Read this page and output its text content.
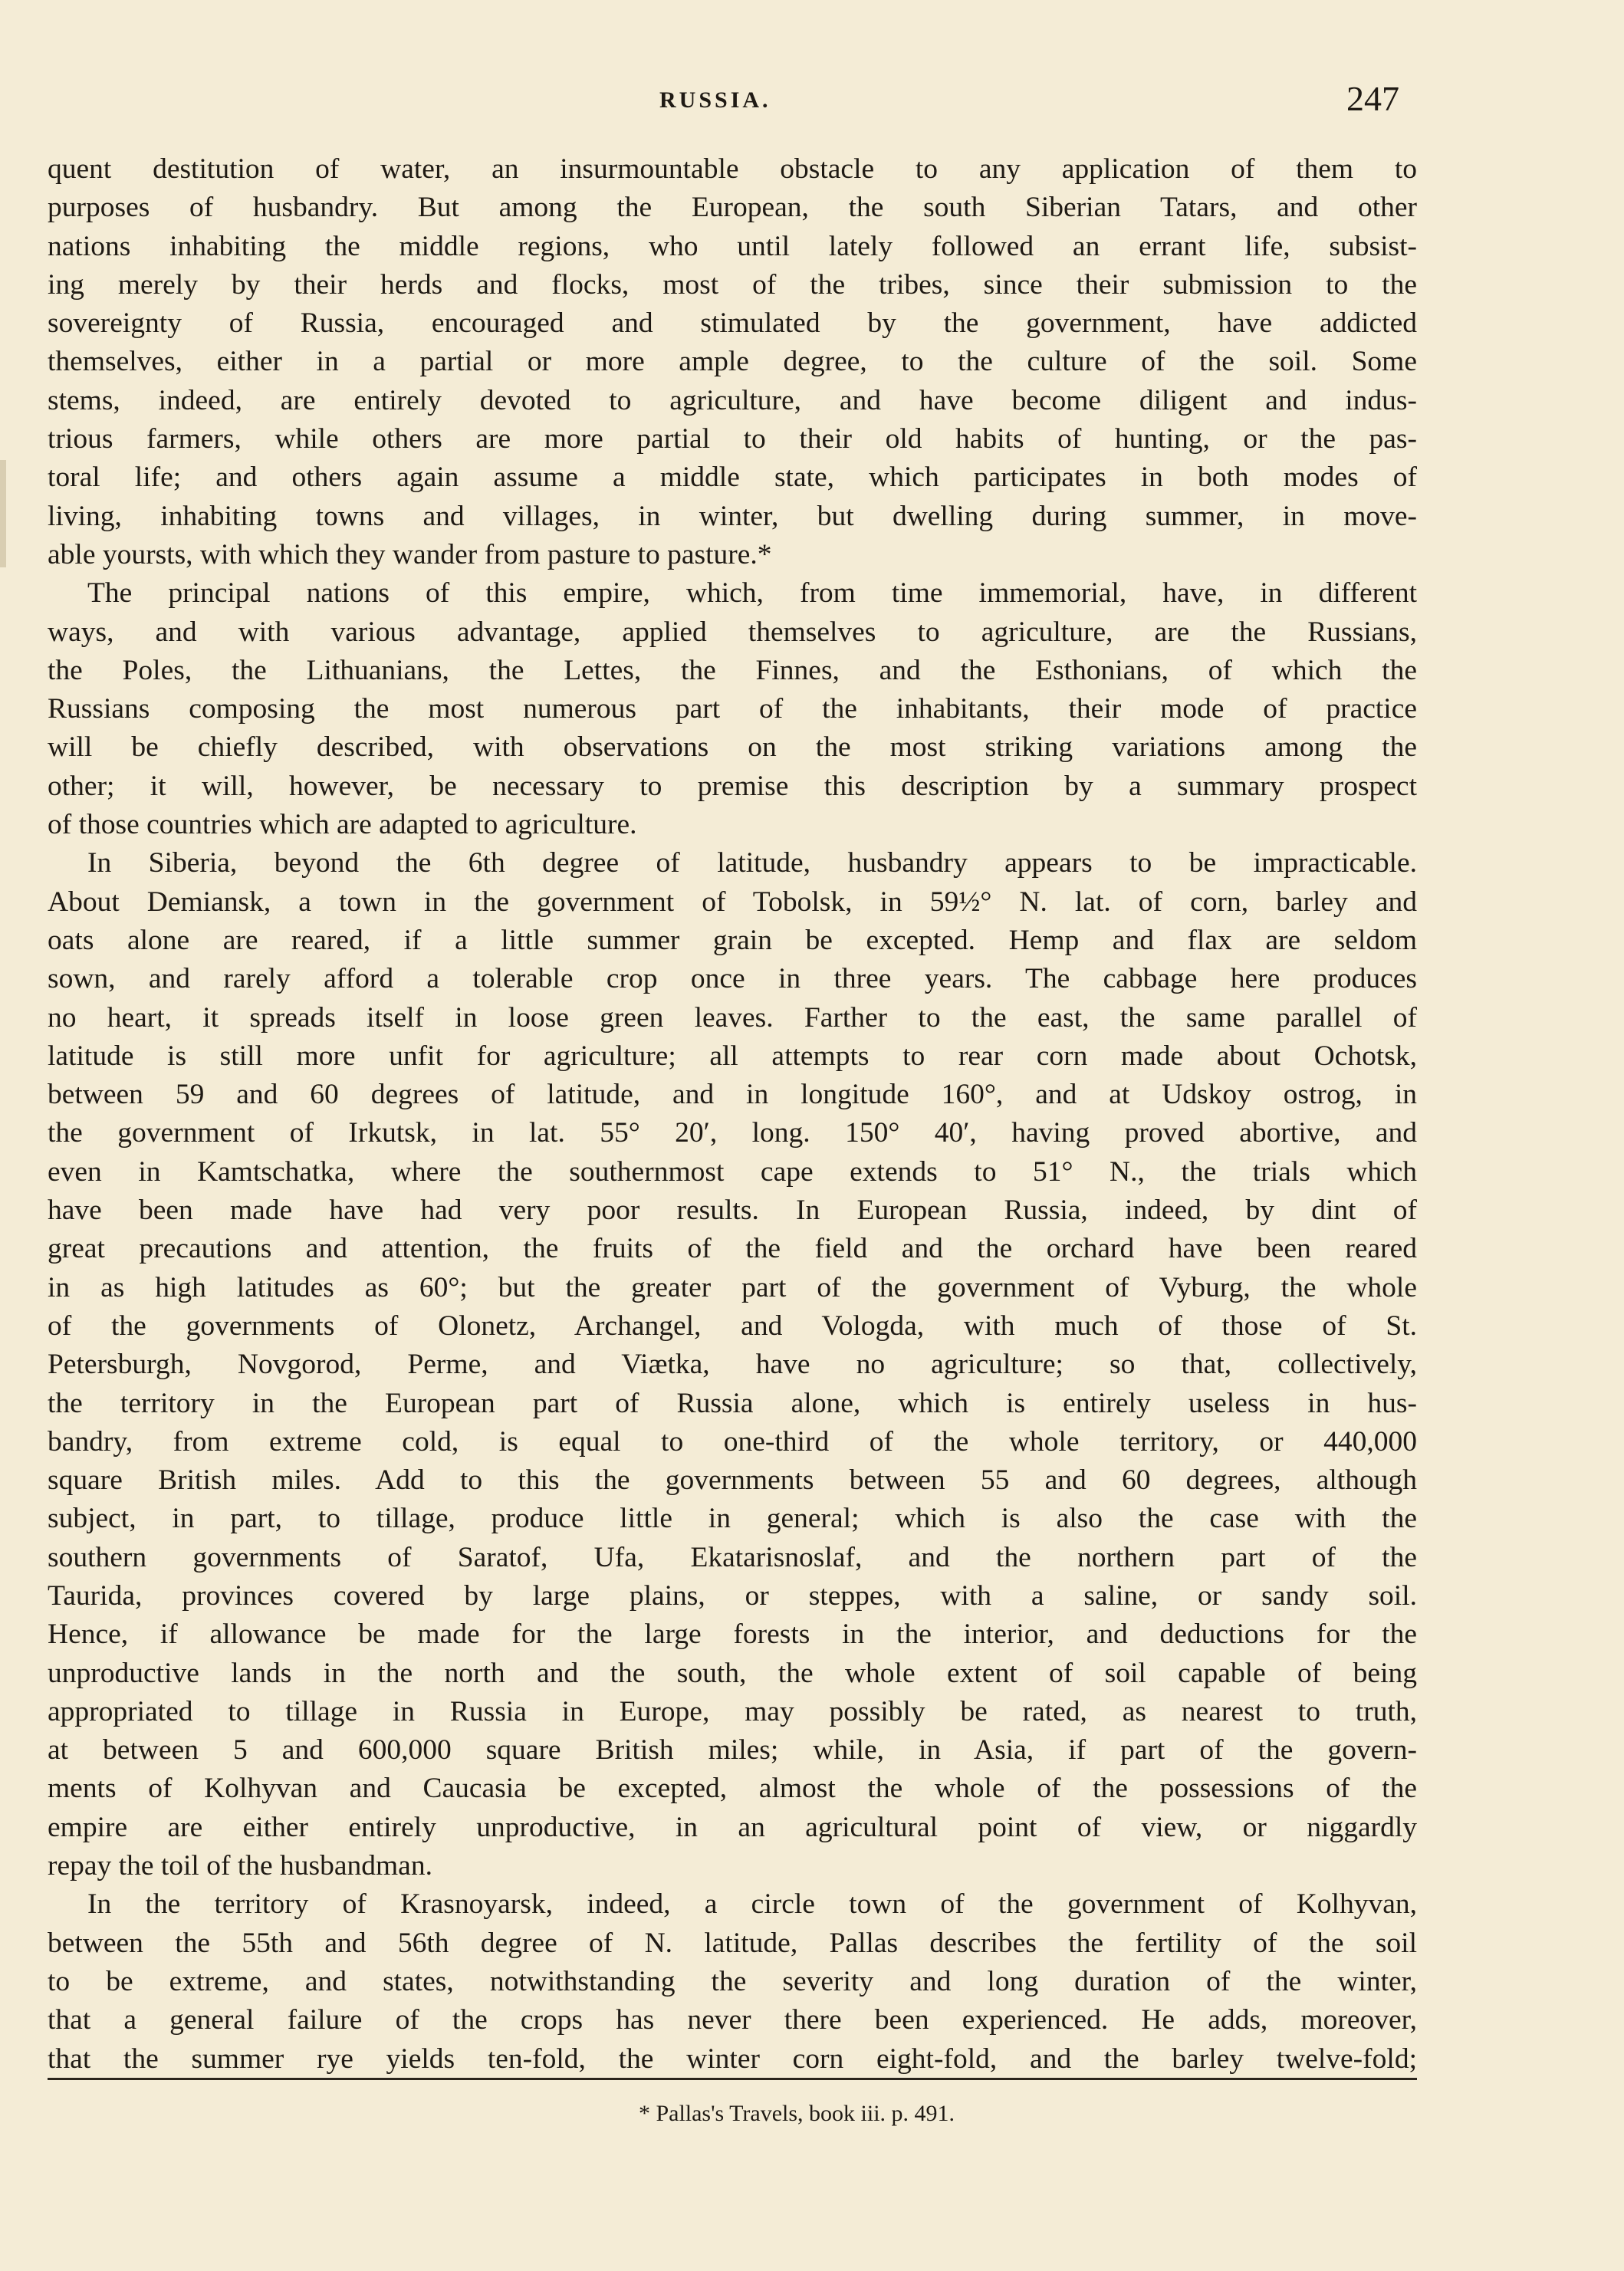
RUSSIA.	247
quent destitution of water, an insurmountable obstacle to any application of them to
purposes of husbandry. But among the European, the south Siberian Tatars, and other
nations inhabiting the middle regions, who until lately followed an errant life, subsist-
ing merely by their herds and flocks, most of the tribes, since their submission to the
sovereignty of Russia, encouraged and stimulated by the government, have addicted
themselves, either in a partial or more ample degree, to the culture of the soil. Some
stems, indeed, are entirely devoted to agriculture, and have become diligent and indus-
trious farmers, while others are more partial to their old habits of hunting, or the pas-
toral life; and others again assume a middle state, which participates in both modes of
living, inhabiting towns and villages, in winter, but dwelling during summer, in move-
able yoursts, with which they wander from pasture to pasture.*
The principal nations of this empire, which, from time immemorial, have, in different
ways, and with various advantage, applied themselves to agriculture, are the Russians,
the Poles, the Lithuanians, the Lettes, the Finnes, and the Esthonians, of which the
Russians composing the most numerous part of the inhabitants, their mode of practice
will be chiefly described, with observations on the most striking variations among the
other; it will, however, be necessary to premise this description by a summary prospect
of those countries which are adapted to agriculture.
In Siberia, beyond the 6th degree of latitude, husbandry appears to be impracticable.
About Demiansk, a town in the government of Tobolsk, in 59½° N. lat. of corn, barley and
oats alone are reared, if a little summer grain be excepted. Hemp and flax are seldom
sown, and rarely afford a tolerable crop once in three years. The cabbage here produces
no heart, it spreads itself in loose green leaves. Farther to the east, the same parallel of
latitude is still more unfit for agriculture; all attempts to rear corn made about Ochotsk,
between 59 and 60 degrees of latitude, and in longitude 160°, and at Udskoy ostrog, in
the government of Irkutsk, in lat. 55° 20′, long. 150° 40′, having proved abortive, and
even in Kamtschatka, where the southernmost cape extends to 51° N., the trials which
have been made have had very poor results. In European Russia, indeed, by dint of
great precautions and attention, the fruits of the field and the orchard have been reared
in as high latitudes as 60°; but the greater part of the government of Vyburg, the whole
of the governments of Olonetz, Archangel, and Vologda, with much of those of St.
Petersburgh, Novgorod, Perme, and Viætka, have no agriculture; so that, collectively,
the territory in the European part of Russia alone, which is entirely useless in hus-
bandry, from extreme cold, is equal to one-third of the whole territory, or 440,000
square British miles. Add to this the governments between 55 and 60 degrees, although
subject, in part, to tillage, produce little in general; which is also the case with the
southern governments of Saratof, Ufa, Ekatarisnoslaf, and the northern part of the
Taurida, provinces covered by large plains, or steppes, with a saline, or sandy soil.
Hence, if allowance be made for the large forests in the interior, and deductions for the
unproductive lands in the north and the south, the whole extent of soil capable of being
appropriated to tillage in Russia in Europe, may possibly be rated, as nearest to truth,
at between 5 and 600,000 square British miles; while, in Asia, if part of the govern-
ments of Kolhyvan and Caucasia be excepted, almost the whole of the possessions of the
empire are either entirely unproductive, in an agricultural point of view, or niggardly
repay the toil of the husbandman.
In the territory of Krasnoyarsk, indeed, a circle town of the government of Kolhyvan,
between the 55th and 56th degree of N. latitude, Pallas describes the fertility of the soil
to be extreme, and states, notwithstanding the severity and long duration of the winter,
that a general failure of the crops has never there been experienced. He adds, moreover,
that the summer rye yields ten-fold, the winter corn eight-fold, and the barley twelve-fold;
* Pallas's Travels, book iii. p. 491.
